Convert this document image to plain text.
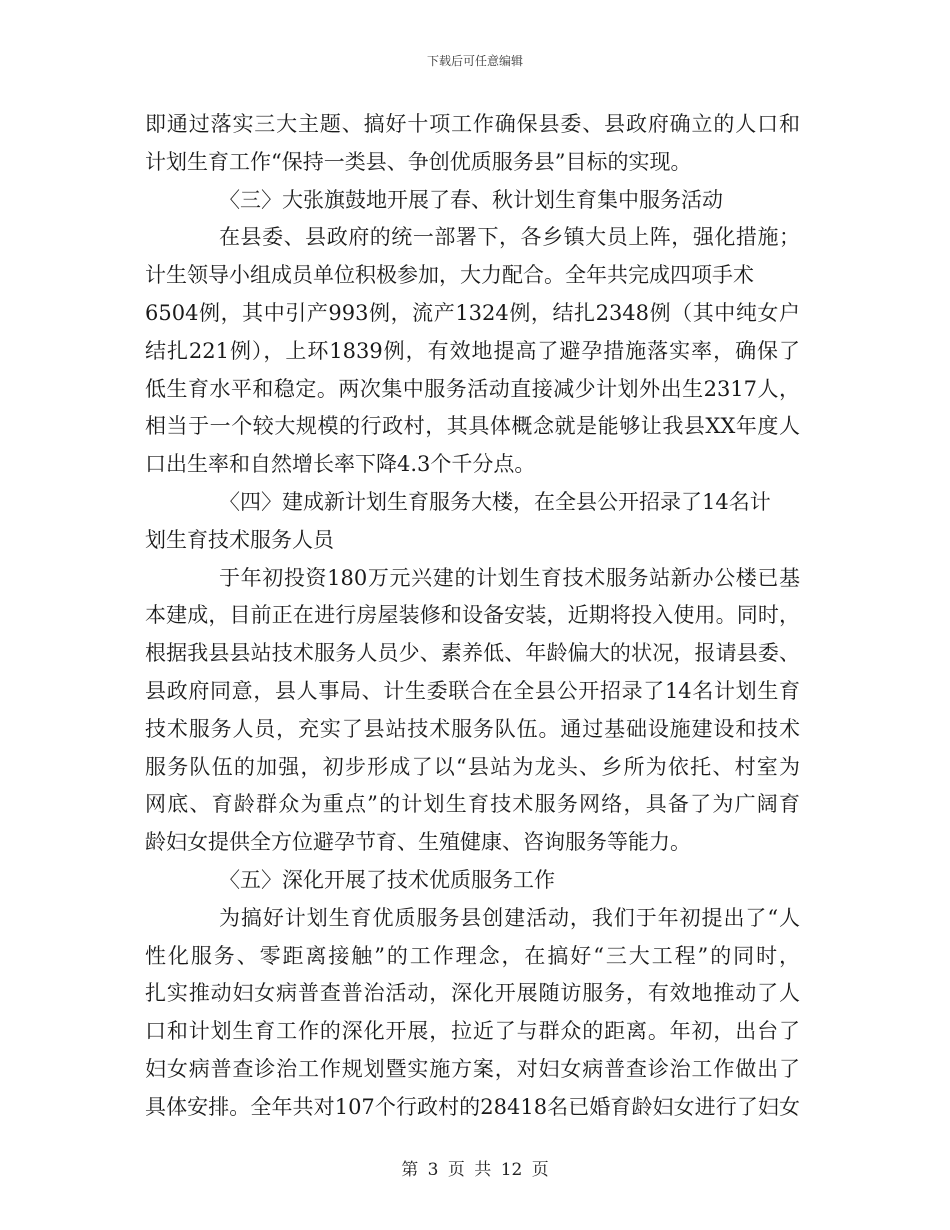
下载后可任意编辑
即通过落实三大主题、搞好十项工作确保县委、县政府确立的人口和
计划生育工作“保持一类县、争创优质服务县”目标的实现。
〈三〉大张旗鼓地开展了春、秋计划生育集中服务活动
在县委、县政府的统一部署下，各乡镇大员上阵，强化措施；
计生领导小组成员单位积极参加，大力配合。全年共完成四项手术
6504例，其中引产993例，流产1324例，结扎2348例（其中纯女户
结扎221例），上环1839例，有效地提高了避孕措施落实率，确保了
低生育水平和稳定。两次集中服务活动直接减少计划外出生2317人，
相当于一个较大规模的行政村，其具体概念就是能够让我县XX年度人
口出生率和自然增长率下降4.3个千分点。
〈四〉建成新计划生育服务大楼，在全县公开招录了14名计
划生育技术服务人员
于年初投资180万元兴建的计划生育技术服务站新办公楼已基
本建成，目前正在进行房屋装修和设备安装，近期将投入使用。同时，
根据我县县站技术服务人员少、素养低、年龄偏大的状况，报请县委、
县政府同意，县人事局、计生委联合在全县公开招录了14名计划生育
技术服务人员，充实了县站技术服务队伍。通过基础设施建设和技术
服务队伍的加强，初步形成了以“县站为龙头、乡所为依托、村室为
网底、育龄群众为重点”的计划生育技术服务网络，具备了为广阔育
龄妇女提供全方位避孕节育、生殖健康、咨询服务等能力。
〈五〉深化开展了技术优质服务工作
为搞好计划生育优质服务县创建活动，我们于年初提出了“人
性化服务、零距离接触”的工作理念，在搞好“三大工程”的同时，
扎实推动妇女病普查普治活动，深化开展随访服务，有效地推动了人
口和计划生育工作的深化开展，拉近了与群众的距离。年初，出台了
妇女病普查诊治工作规划暨实施方案，对妇女病普查诊治工作做出了
具体安排。全年共对107个行政村的28418名已婚育龄妇女进行了妇女
第 3 页 共 12 页
